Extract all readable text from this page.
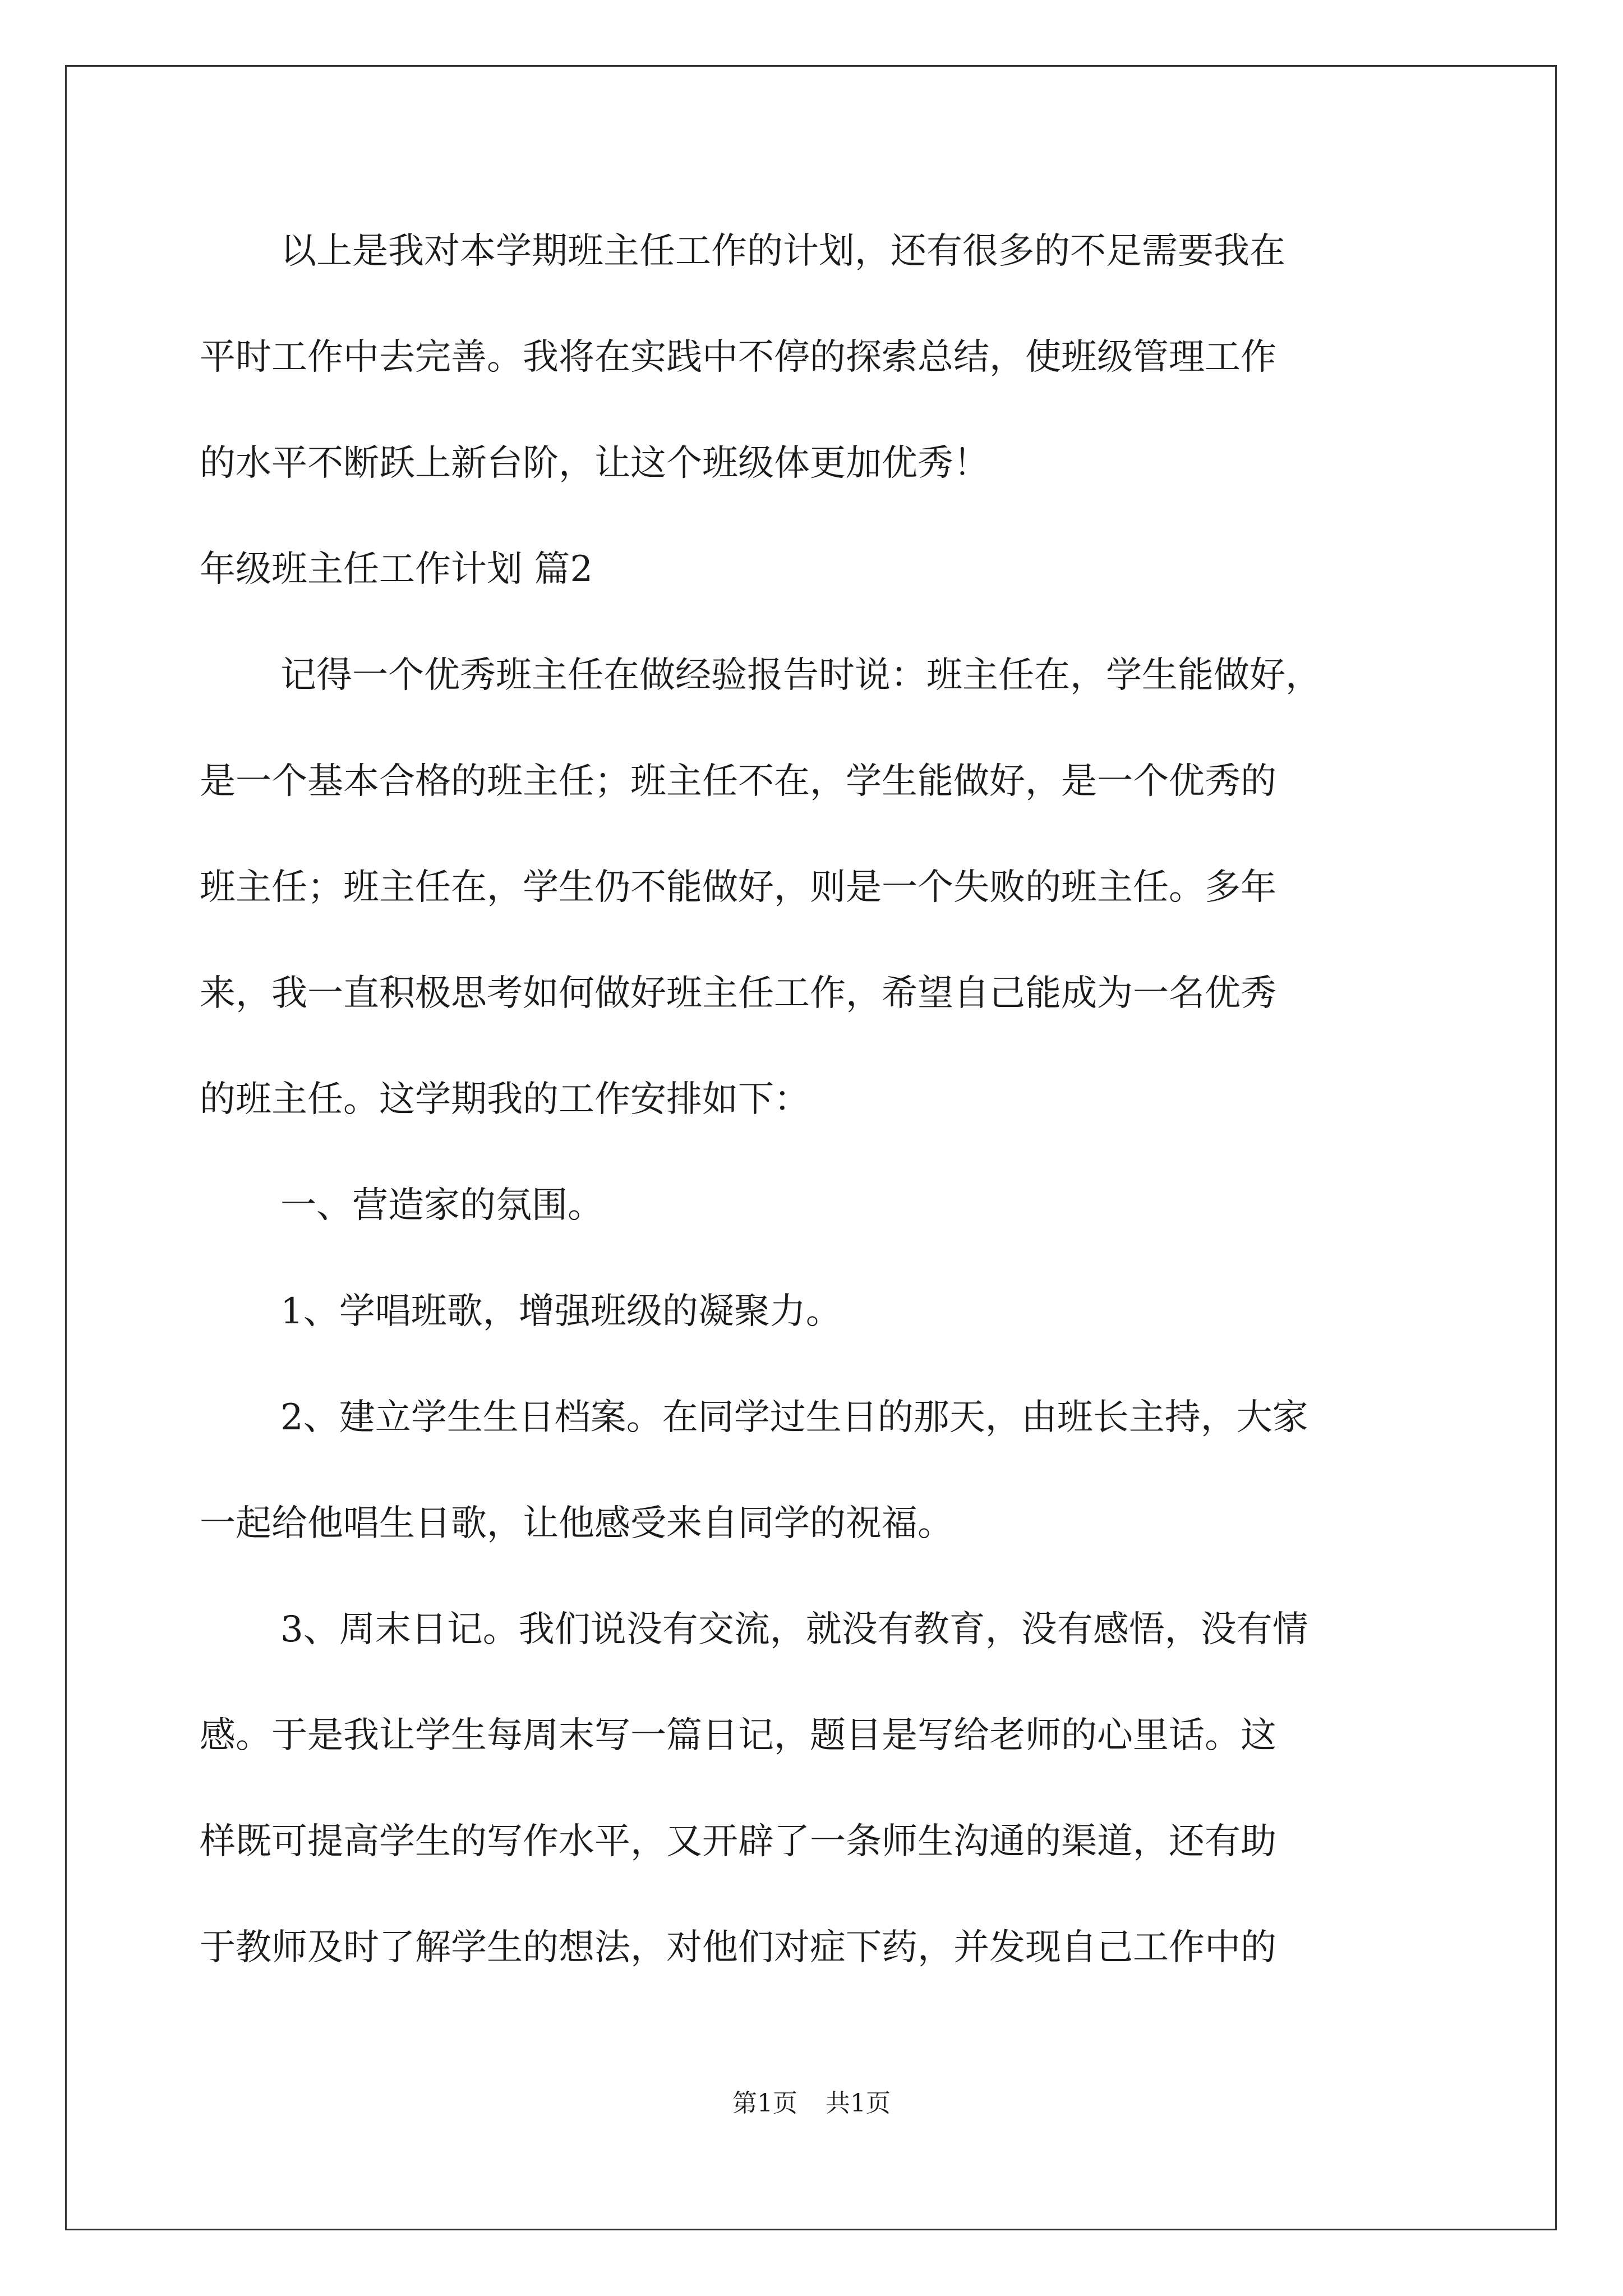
以上是我对本学期班主任工作的计划，还有很多的不足需要我在
平时工作中去完善。我将在实践中不停的探索总结，使班级管理工作
的水平不断跃上新台阶，让这个班级体更加优秀！
年级班主任工作计划 篇2
记得一个优秀班主任在做经验报告时说：班主任在，学生能做好，
是一个基本合格的班主任；班主任不在，学生能做好，是一个优秀的
班主任；班主任在，学生仍不能做好，则是一个失败的班主任。多年
来，我一直积极思考如何做好班主任工作，希望自己能成为一名优秀
的班主任。这学期我的工作安排如下：
一、营造家的氛围。
1、学唱班歌，增强班级的凝聚力。
2、建立学生生日档案。在同学过生日的那天，由班长主持，大家
一起给他唱生日歌，让他感受来自同学的祝福。
3、周末日记。我们说没有交流，就没有教育，没有感悟，没有情
感。于是我让学生每周末写一篇日记，题目是写给老师的心里话。这
样既可提高学生的写作水平，又开辟了一条师生沟通的渠道，还有助
于教师及时了解学生的想法，对他们对症下药，并发现自己工作中的
第1页 共1页
